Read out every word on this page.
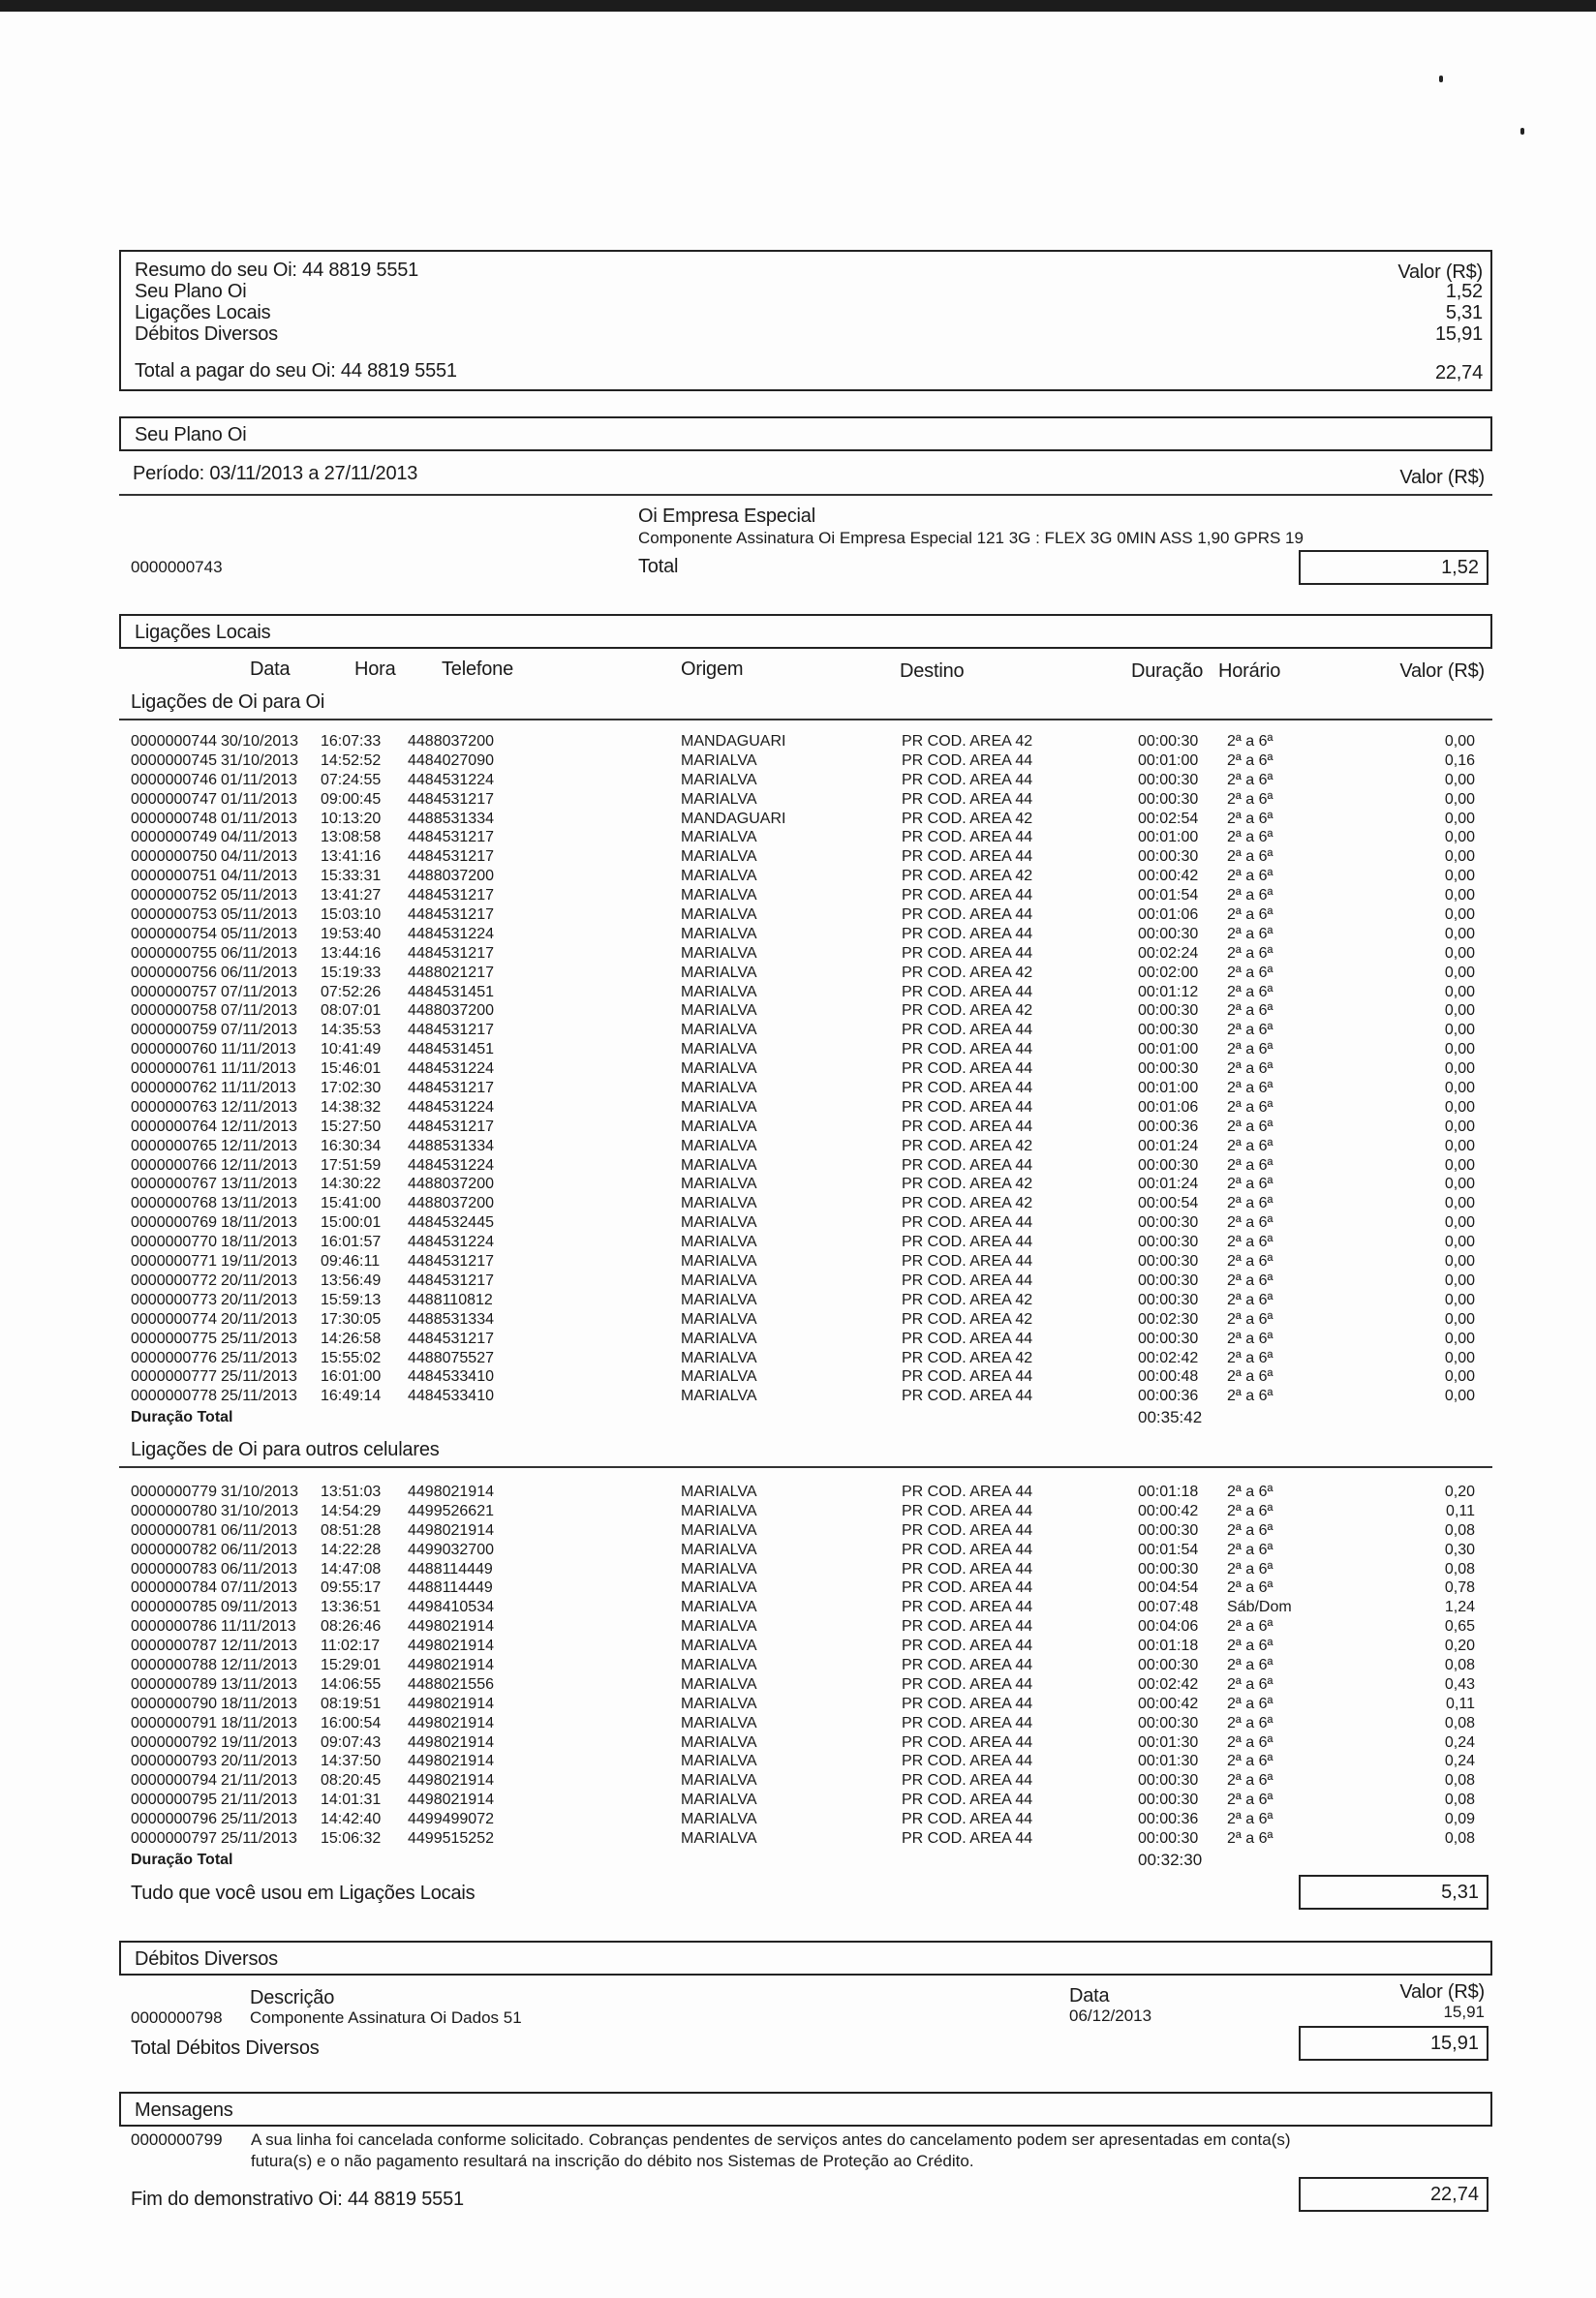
Resumo do seu Oi: 44 8819 5551	Valor (R$)
Seu Plano Oi	1,52
Ligações Locais	5,31
Débitos Diversos	15,91
Total a pagar do seu Oi: 44 8819 5551	22,74
Seu Plano Oi
Período: 03/11/2013 a 27/11/2013	Valor (R$)
Oi Empresa Especial
Componente Assinatura Oi Empresa Especial 121 3G : FLEX 3G 0MIN ASS 1,90 GPRS 19
0000000743	Total	1,52
Ligações Locais
Data	Hora Telefone	Origem	Destino	Duração Horário	Valor (R$)
Ligações de Oi para Oi
0000000744 30/10/2013 16:07:33 4488037200	MANDAGUARI	PR COD. AREA 42	00:00:30 2ª a 6ª	0,00
0000000745 31/10/2013 14:52:52 4484027090	MARIALVA	PR COD. AREA 44	00:01:00 2ª a 6ª	0,16
0000000746 01/11/2013 07:24:55 4484531224	MARIALVA	PR COD. AREA 44	00:00:30 2ª a 6ª	0,00
0000000747 01/11/2013 09:00:45 4484531217	MARIALVA	PR COD. AREA 44	00:00:30 2ª a 6ª	0,00
0000000748 01/11/2013 10:13:20 4488531334	MANDAGUARI	PR COD. AREA 42	00:02:54 2ª a 6ª	0,00
0000000749 04/11/2013 13:08:58 4484531217	MARIALVA	PR COD. AREA 44	00:01:00 2ª a 6ª	0,00
0000000750 04/11/2013 13:41:16 4484531217	MARIALVA	PR COD. AREA 44	00:00:30 2ª a 6ª	0,00
0000000751 04/11/2013 15:33:31 4488037200	MARIALVA	PR COD. AREA 42	00:00:42 2ª a 6ª	0,00
0000000752 05/11/2013 13:41:27 4484531217	MARIALVA	PR COD. AREA 44	00:01:54 2ª a 6ª	0,00
0000000753 05/11/2013 15:03:10 4484531217	MARIALVA	PR COD. AREA 44	00:01:06 2ª a 6ª	0,00
0000000754 05/11/2013 19:53:40 4484531224	MARIALVA	PR COD. AREA 44	00:00:30 2ª a 6ª	0,00
0000000755 06/11/2013 13:44:16 4484531217	MARIALVA	PR COD. AREA 44	00:02:24 2ª a 6ª	0,00
0000000756 06/11/2013 15:19:33 4488021217	MARIALVA	PR COD. AREA 42	00:02:00 2ª a 6ª	0,00
0000000757 07/11/2013 07:52:26 4484531451	MARIALVA	PR COD. AREA 44	00:01:12 2ª a 6ª	0,00
0000000758 07/11/2013 08:07:01 4488037200	MARIALVA	PR COD. AREA 42	00:00:30 2ª a 6ª	0,00
0000000759 07/11/2013 14:35:53 4484531217	MARIALVA	PR COD. AREA 44	00:00:30 2ª a 6ª	0,00
0000000760 11/11/2013 10:41:49 4484531451	MARIALVA	PR COD. AREA 44	00:01:00 2ª a 6ª	0,00
0000000761 11/11/2013 15:46:01 4484531224	MARIALVA	PR COD. AREA 44	00:00:30 2ª a 6ª	0,00
0000000762 11/11/2013 17:02:30 4484531217	MARIALVA	PR COD. AREA 44	00:01:00 2ª a 6ª	0,00
0000000763 12/11/2013 14:38:32 4484531224	MARIALVA	PR COD. AREA 44	00:01:06 2ª a 6ª	0,00
0000000764 12/11/2013 15:27:50 4484531217	MARIALVA	PR COD. AREA 44	00:00:36 2ª a 6ª	0,00
0000000765 12/11/2013 16:30:34 4488531334	MARIALVA	PR COD. AREA 42	00:01:24 2ª a 6ª	0,00
0000000766 12/11/2013 17:51:59 4484531224	MARIALVA	PR COD. AREA 44	00:00:30 2ª a 6ª	0,00
0000000767 13/11/2013 14:30:22 4488037200	MARIALVA	PR COD. AREA 42	00:01:24 2ª a 6ª	0,00
0000000768 13/11/2013 15:41:00 4488037200	MARIALVA	PR COD. AREA 42	00:00:54 2ª a 6ª	0,00
0000000769 18/11/2013 15:00:01 4484532445	MARIALVA	PR COD. AREA 44	00:00:30 2ª a 6ª	0,00
0000000770 18/11/2013 16:01:57 4484531224	MARIALVA	PR COD. AREA 44	00:00:30 2ª a 6ª	0,00
0000000771 19/11/2013 09:46:11 4484531217	MARIALVA	PR COD. AREA 44	00:00:30 2ª a 6ª	0,00
0000000772 20/11/2013 13:56:49 4484531217	MARIALVA	PR COD. AREA 44	00:00:30 2ª a 6ª	0,00
0000000773 20/11/2013 15:59:13 4488110812	MARIALVA	PR COD. AREA 42	00:00:30 2ª a 6ª	0,00
0000000774 20/11/2013 17:30:05 4488531334	MARIALVA	PR COD. AREA 42	00:02:30 2ª a 6ª	0,00
0000000775 25/11/2013 14:26:58 4484531217	MARIALVA	PR COD. AREA 44	00:00:30 2ª a 6ª	0,00
0000000776 25/11/2013 15:55:02 4488075527	MARIALVA	PR COD. AREA 42	00:02:42 2ª a 6ª	0,00
0000000777 25/11/2013 16:01:00 4484533410	MARIALVA	PR COD. AREA 44	00:00:48 2ª a 6ª	0,00
0000000778 25/11/2013 16:49:14 4484533410	MARIALVA	PR COD. AREA 44	00:00:36 2ª a 6ª	0,00
Duração Total	00:35:42
Ligações de Oi para outros celulares
0000000779 31/10/2013 13:51:03 4498021914	MARIALVA	PR COD. AREA 44	00:01:18 2ª a 6ª	0,20
0000000780 31/10/2013 14:54:29 4499526621	MARIALVA	PR COD. AREA 44	00:00:42 2ª a 6ª	0,11
0000000781 06/11/2013 08:51:28 4498021914	MARIALVA	PR COD. AREA 44	00:00:30 2ª a 6ª	0,08
0000000782 06/11/2013 14:22:28 4499032700	MARIALVA	PR COD. AREA 44	00:01:54 2ª a 6ª	0,30
0000000783 06/11/2013 14:47:08 4488114449	MARIALVA	PR COD. AREA 44	00:00:30 2ª a 6ª	0,08
0000000784 07/11/2013 09:55:17 4488114449	MARIALVA	PR COD. AREA 44	00:04:54 2ª a 6ª	0,78
0000000785 09/11/2013 13:36:51 4498410534	MARIALVA	PR COD. AREA 44	00:07:48 Sáb/Dom	1,24
0000000786 11/11/2013 08:26:46 4498021914	MARIALVA	PR COD. AREA 44	00:04:06 2ª a 6ª	0,65
0000000787 12/11/2013 11:02:17 4498021914	MARIALVA	PR COD. AREA 44	00:01:18 2ª a 6ª	0,20
0000000788 12/11/2013 15:29:01 4498021914	MARIALVA	PR COD. AREA 44	00:00:30 2ª a 6ª	0,08
0000000789 13/11/2013 14:06:55 4488021556	MARIALVA	PR COD. AREA 44	00:02:42 2ª a 6ª	0,43
0000000790 18/11/2013 08:19:51 4498021914	MARIALVA	PR COD. AREA 44	00:00:42 2ª a 6ª	0,11
0000000791 18/11/2013 16:00:54 4498021914	MARIALVA	PR COD. AREA 44	00:00:30 2ª a 6ª	0,08
0000000792 19/11/2013 09:07:43 4498021914	MARIALVA	PR COD. AREA 44	00:01:30 2ª a 6ª	0,24
0000000793 20/11/2013 14:37:50 4498021914	MARIALVA	PR COD. AREA 44	00:01:30 2ª a 6ª	0,24
0000000794 21/11/2013 08:20:45 4498021914	MARIALVA	PR COD. AREA 44	00:00:30 2ª a 6ª	0,08
0000000795 21/11/2013 14:01:31 4498021914	MARIALVA	PR COD. AREA 44	00:00:30 2ª a 6ª	0,08
0000000796 25/11/2013 14:42:40 4499499072	MARIALVA	PR COD. AREA 44	00:00:36 2ª a 6ª	0,09
0000000797 25/11/2013 15:06:32 4499515252	MARIALVA	PR COD. AREA 44	00:00:30 2ª a 6ª	0,08
Duração Total	00:32:30
Tudo que você usou em Ligações Locais	5,31
Débitos Diversos
Descrição	Data	Valor (R$)
0000000798 Componente Assinatura Oi Dados 51	06/12/2013	15,91
Total Débitos Diversos	15,91
Mensagens
0000000799 A sua linha foi cancelada conforme solicitado. Cobranças pendentes de serviços antes do cancelamento podem ser apresentadas em conta(s)
futura(s) e o não pagamento resultará na inscrição do débito nos Sistemas de Proteção ao Crédito.
Fim do demonstrativo Oi: 44 8819 5551	22,74
